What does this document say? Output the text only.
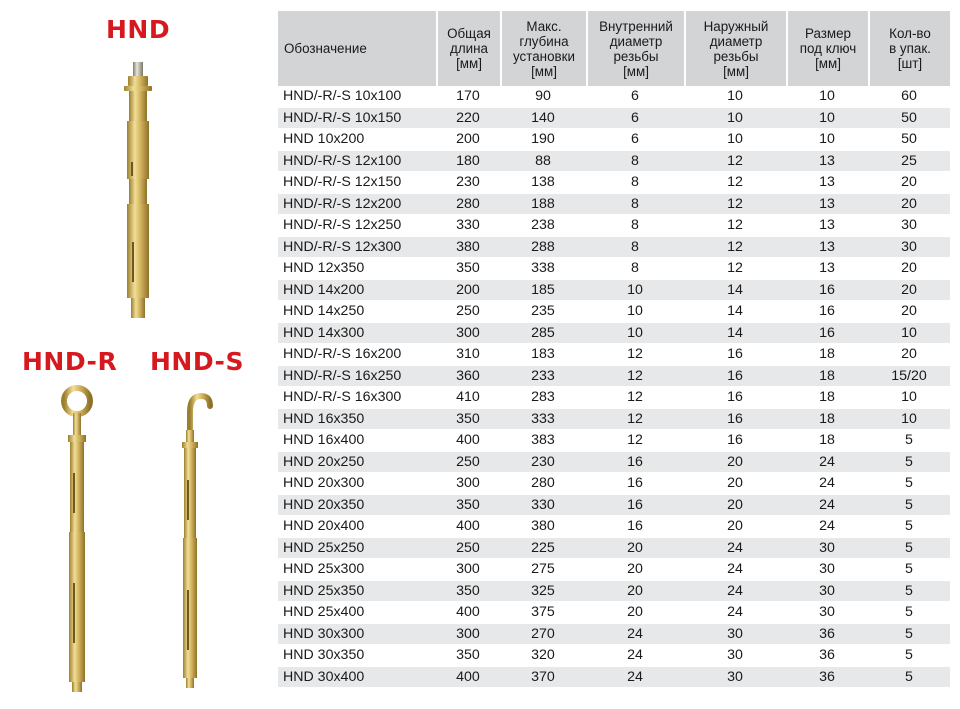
HND
HND-R HND-S
Обозначение	Общая
длина
[мм]	Макс.
глубина
установки
[мм]	Внутренний
диаметр
резьбы
[мм]	Наружный
диаметр
резьбы
[мм]	Размер
под ключ
[мм]	Кол-во
в упак.
[шт]
HND/-R/-S 10x100	170	90	6	10	10	60
HND/-R/-S 10x150	220	140	6	10	10	50
HND 10x200	200	190	6	10	10	50
HND/-R/-S 12x100	180	88	8	12	13	25
HND/-R/-S 12x150	230	138	8	12	13	20
HND/-R/-S 12x200	280	188	8	12	13	20
HND/-R/-S 12x250	330	238	8	12	13	30
HND/-R/-S 12x300	380	288	8	12	13	30
HND 12x350	350	338	8	12	13	20
HND 14x200	200	185	10	14	16	20
HND 14x250	250	235	10	14	16	20
HND 14x300	300	285	10	14	16	10
HND/-R/-S 16x200	310	183	12	16	18	20
HND/-R/-S 16x250	360	233	12	16	18	15/20
HND/-R/-S 16x300	410	283	12	16	18	10
HND 16x350	350	333	12	16	18	10
HND 16x400	400	383	12	16	18	5
HND 20x250	250	230	16	20	24	5
HND 20x300	300	280	16	20	24	5
HND 20x350	350	330	16	20	24	5
HND 20x400	400	380	16	20	24	5
HND 25x250	250	225	20	24	30	5
HND 25x300	300	275	20	24	30	5
HND 25x350	350	325	20	24	30	5
HND 25x400	400	375	20	24	30	5
HND 30x300	300	270	24	30	36	5
HND 30x350	350	320	24	30	36	5
HND 30x400	400	370	24	30	36	5
